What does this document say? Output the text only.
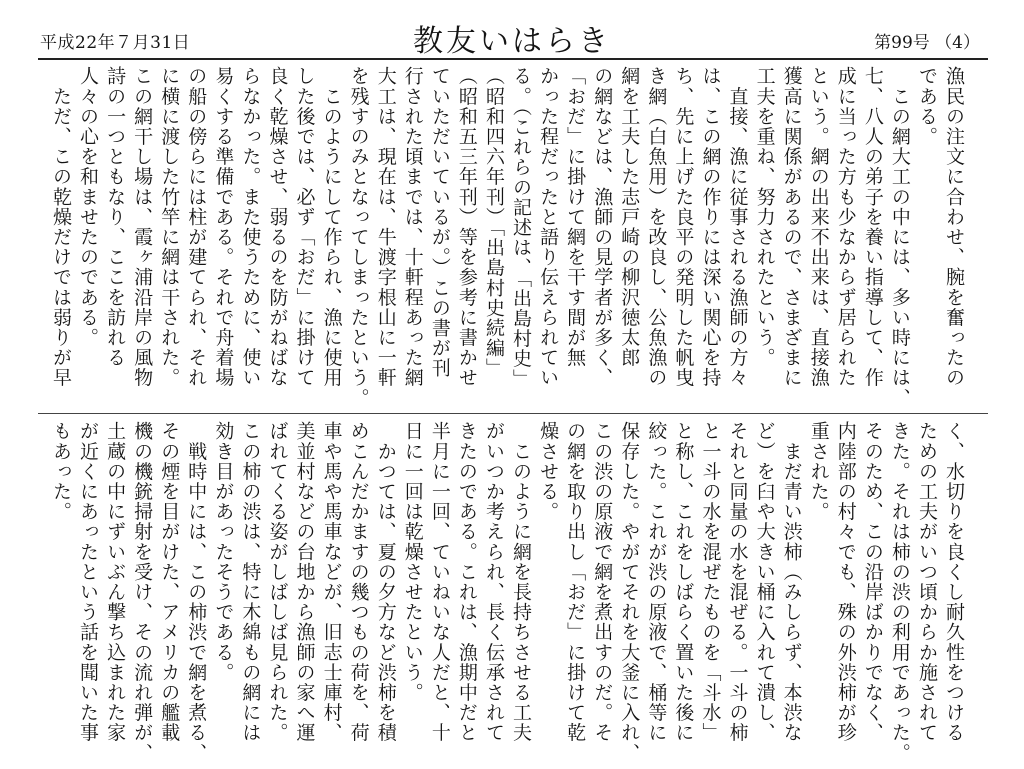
平成22年７月31日	教友いはらき	第99号 （4）
漁民の注文に合わせ、腕を奮ったの
である。
　この網大工の中には、多い時には、
七、八人の弟子を養い指導して、作
成に当った方も少なからず居られた
という。網の出来不出来は、直接漁
獲高に関係があるので、さまざまに
工夫を重ね、努力されたという。
　直接、漁に従事される漁師の方々
は、この網の作りには深い関心を持
ち、先に上げた良平の発明した帆曳
き網（白魚用）を改良し、公魚漁の
網を工夫した志戸崎の柳沢徳太郎
の網などは、漁師の見学者が多く、
「おだ」に掛けて網を干す間が無
かった程だったと語り伝えられてい
る。（これらの記述は、「出島村史」
（昭和四六年刊）「出島村史続編」
（昭和五三年刊）等を参考に書かせ
ていただいているが。）この書が刊
行された頃までは、十軒程あった網
大工は、現在は、牛渡字根山に一軒
を残すのみとなってしまったという。
　このようにして作られ、漁に使用
した後では、必ず「おだ」に掛けて
良く乾燥させ、弱るのを防がねばな
らなかった。また使うために、使い
易くする準備である。それで舟着場
の船の傍らには柱が建てられ、それ
に横に渡した竹竿に網は干された。
この網干し場は、霞ヶ浦沿岸の風物
詩の一つともなり、ここを訪れる
人々の心を和ませたのである。
　ただ、この乾燥だけでは弱りが早
く、水切りを良くし耐久性をつける
ための工夫がいつ頃からか施されて
きた。それは柿の渋の利用であった。
そのため、この沿岸ばかりでなく、
内陸部の村々でも、殊の外渋柿が珍
重された。
　まだ青い渋柿（みしらず、本渋な
ど）を臼や大きい桶に入れて潰し、
それと同量の水を混ぜる。一斗の柿
と一斗の水を混ぜたものを「斗水」
と称し、これをしばらく置いた後に
絞った。これが渋の原液で、桶等に
保存した。やがてそれを大釜に入れ、
この渋の原液で網を煮出すのだ。そ
の網を取り出し「おだ」に掛けて乾
燥させる。
　このように網を長持ちさせる工夫
がいつか考えられ、長く伝承されて
きたのである。これは、漁期中だと
半月に一回、ていねいな人だと、十
日に一回は乾燥させたという。
　かつては、夏の夕方など渋柿を積
めこんだかますの幾つもの荷を、荷
車や馬や馬車などが、旧志士庫村、
美並村などの台地から漁師の家へ運
ばれてくる姿がしばしば見られた。
この柿の渋は、特に木綿もの網には
効き目があったそうである。
　戦時中には、この柿渋で網を煮る、
その煙を目がけた、アメリカの艦載
機の機銃掃射を受け、その流れ弾が、
土蔵の中にずいぶん撃ち込まれた家
が近くにあったという話を聞いた事
もあった。
